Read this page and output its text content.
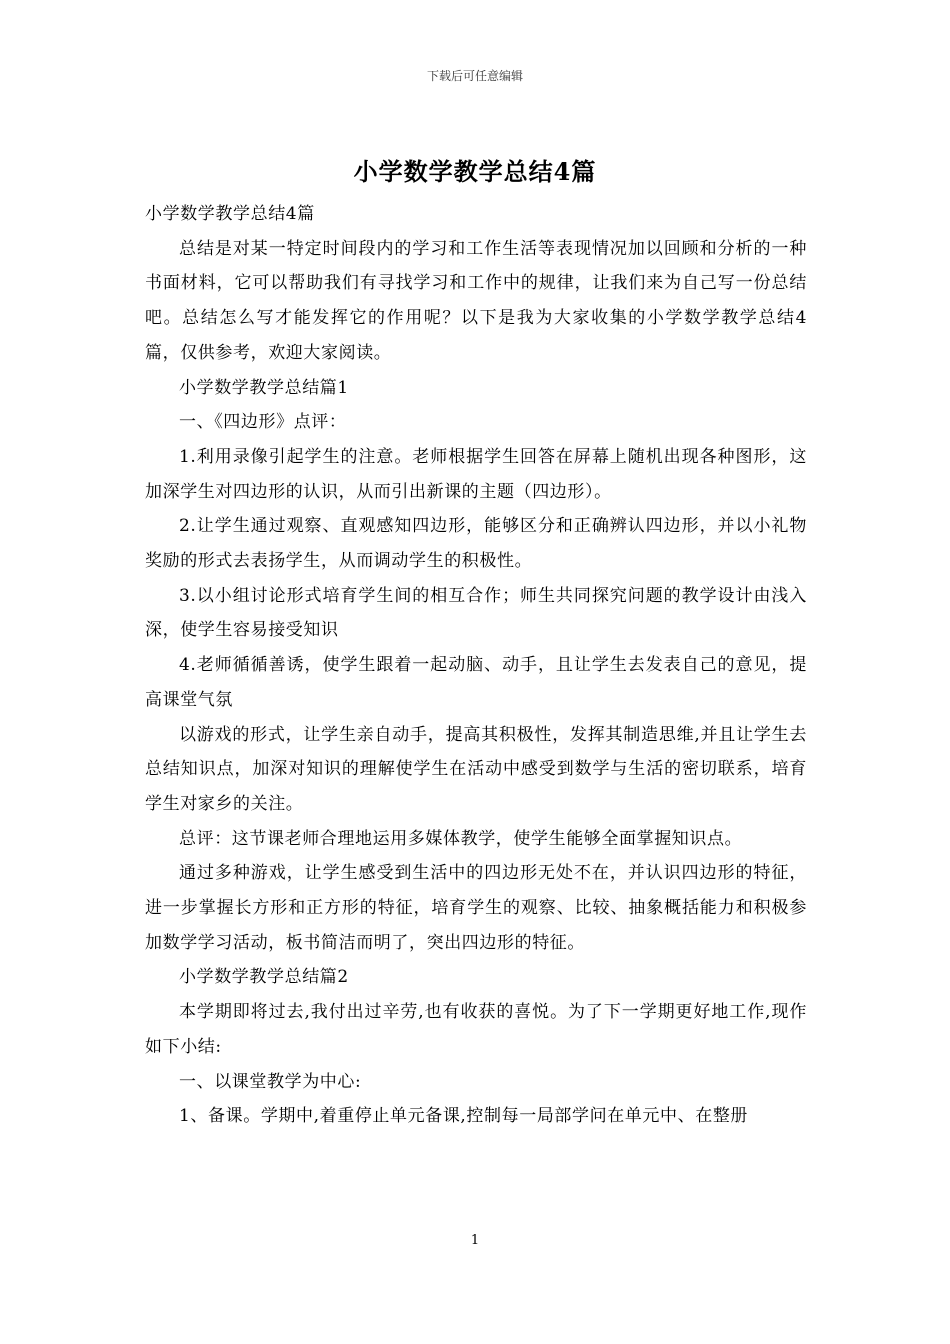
下载后可任意编辑
小学数学教学总结4篇

小学数学教学总结4篇

总结是对某一特定时间段内的学习和工作生活等表现情况加以回顾和分析的一种书面材料，它可以帮助我们有寻找学习和工作中的规律，让我们来为自己写一份总结吧。总结怎么写才能发挥它的作用呢？以下是我为大家收集的小学数学教学总结4篇，仅供参考，欢迎大家阅读。

小学数学教学总结篇1

一、《四边形》点评：

1.利用录像引起学生的注意。老师根据学生回答在屏幕上随机出现各种图形，这加深学生对四边形的认识，从而引出新课的主题（四边形）。

2.让学生通过观察、直观感知四边形，能够区分和正确辨认四边形，并以小礼物奖励的形式去表扬学生，从而调动学生的积极性。

3.以小组讨论形式培育学生间的相互合作；师生共同探究问题的教学设计由浅入深，使学生容易接受知识

4.老师循循善诱，使学生跟着一起动脑、动手，且让学生去发表自己的意见，提高课堂气氛

以游戏的形式，让学生亲自动手，提高其积极性，发挥其制造思维,并且让学生去总结知识点，加深对知识的理解使学生在活动中感受到数学与生活的密切联系，培育学生对家乡的关注。

总评：这节课老师合理地运用多媒体教学，使学生能够全面掌握知识点。

通过多种游戏，让学生感受到生活中的四边形无处不在，并认识四边形的特征，进一步掌握长方形和正方形的特征，培育学生的观察、比较、抽象概括能力和积极参加数学学习活动，板书简洁而明了，突出四边形的特征。

小学数学教学总结篇2

本学期即将过去,我付出过辛劳,也有收获的喜悦。为了下一学期更好地工作,现作如下小结:

一、以课堂教学为中心:

1、备课。学期中,着重停止单元备课,控制每一局部学问在单元中、在整册

1
